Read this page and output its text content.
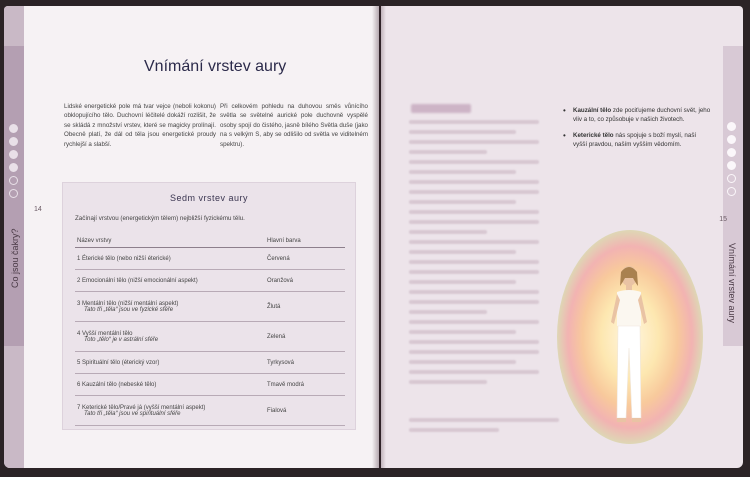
Co jsou čakry?
14
Vnímání vrstev aury
Lidské energetické pole má tvar vejce (neboli kokonu) obklopujícího tělo. Duchovní léčitelé dokáží rozlišit, že se skládá z množství vrstev, které se magicky prolínají. Obecně platí, že dál od těla jsou energetické proudy rychlejší a slabší.
Při celkovém pohledu na duhovou směs vůnícího světla se světelné aurické pole duchovně vyspělé osoby spojí do čistého, jasně bílého Světla duše (jako na s velkým S, aby se odlišilo od světla ve viditelném spektru).
Sedm vrstev aury
Začínají vrstvou (energetickým tělem) nejbližší fyzickému tělu.
Název vrstvy	Hlavní barva
1 Éterické tělo (nebo nižší éterické)	Červená
2 Emocionální tělo (nižší emocionální aspekt)	Oranžová

3 Mentální tělo (nižší mentální aspekt)
Tato tři „těla“ jsou ve fyzické sféře	Žlutá

4 Vyšší mentální tělo
Toto „tělo“ je v astrální sféře	Zelená
5 Spirituální tělo (éterický vzor)	Tyrkysová
6 Kauzální tělo (nebeské tělo)	Tmavě modrá

7 Keterické tělo/Pravé já (vyšší mentální aspekt)
Tato tři „těla“ jsou ve spirituální sféře	Fialová
Vnímání vrstev aury
15
• Kauzální tělo zde pociťujeme duchovní svět, jeho vliv a to, co způsobuje v našich životech.
• Keterické tělo nás spojuje s boží myslí, naší vyšší pravdou, naším vyšším vědomím.
